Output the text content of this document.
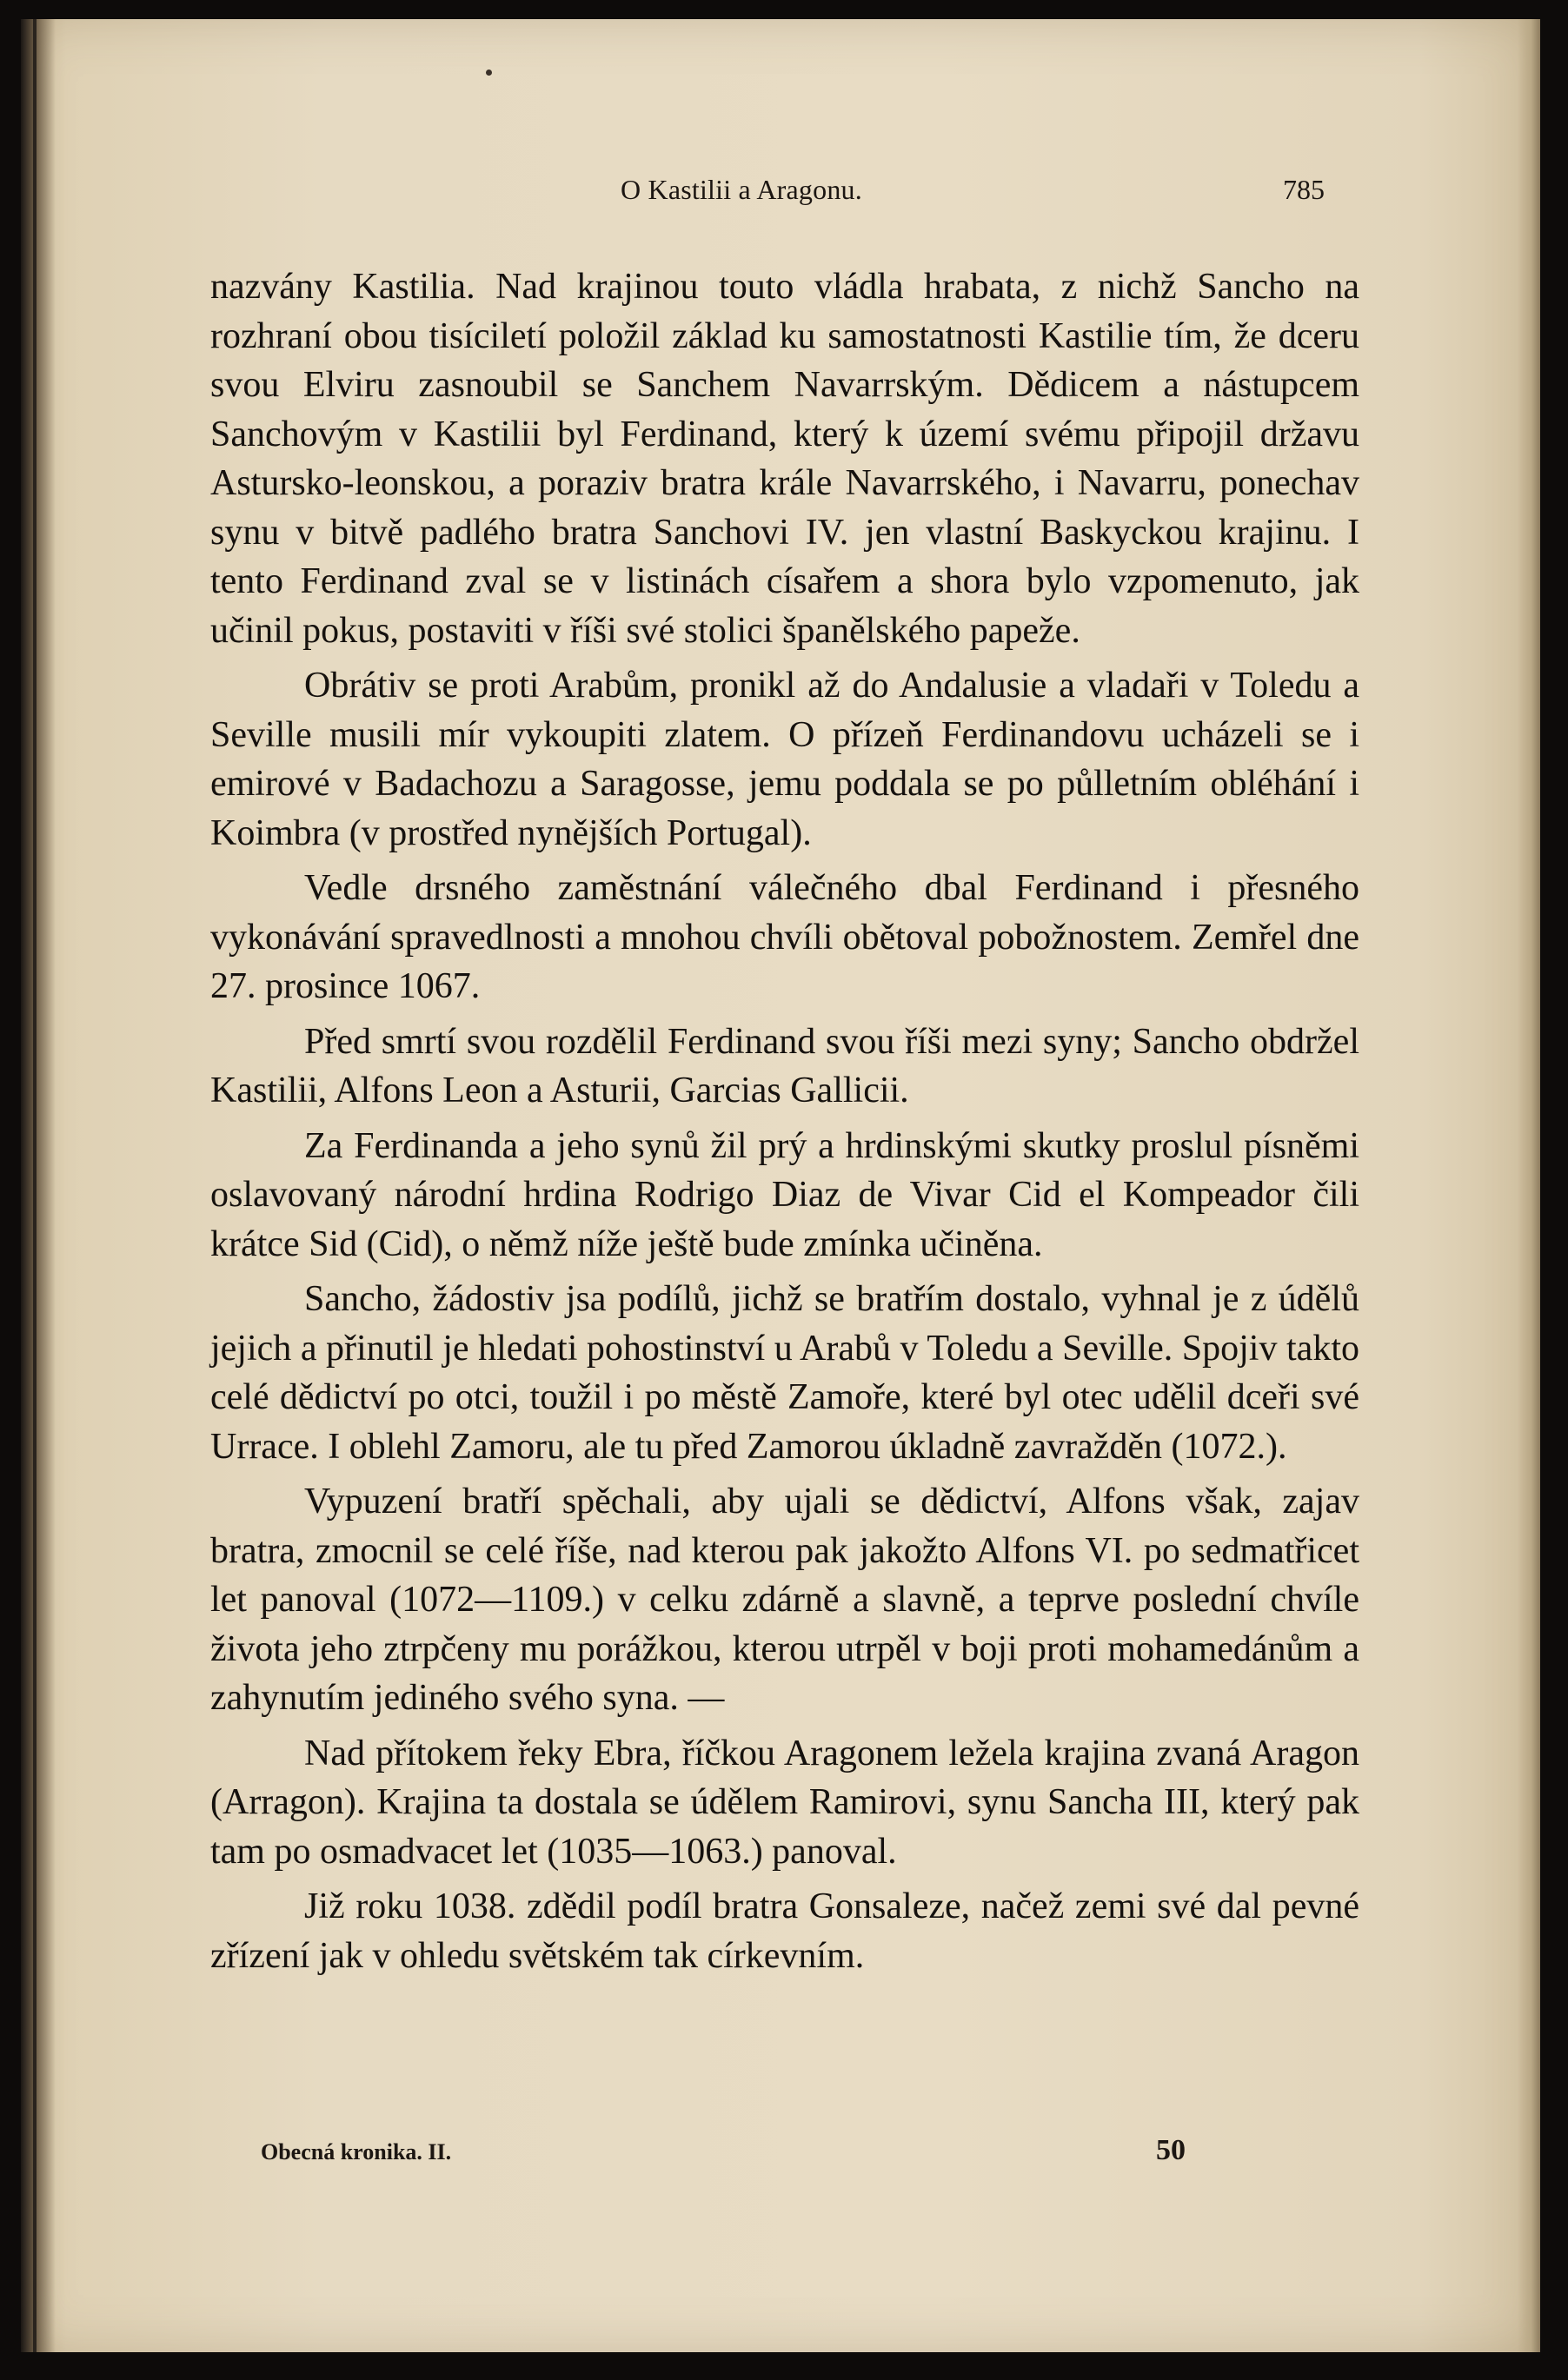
O Kastilii a Aragonu.	785

nazvány Kastilia. Nad krajinou touto vládla hrabata, z nichž Sancho na rozhraní obou tisíciletí položil základ ku samostatnosti Kastilie tím, že dceru svou Elviru zasnoubil se Sanchem Navarrským. Dědicem a nástupcem Sanchovým v Kastilii byl Ferdinand, který k území svému připojil državu Astursko-leonskou, a poraziv bratra krále Navarrského, i Navarru, ponechav synu v bitvě padlého bratra Sanchovi IV. jen vlastní Baskyckou krajinu. I tento Ferdinand zval se v listinách císařem a shora bylo vzpomenuto, jak učinil pokus, postaviti v říši své stolici španělského papeže.

Obrátiv se proti Arabům, pronikl až do Andalusie a vladaři v Toledu a Seville musili mír vykoupiti zlatem. O přízeň Ferdinandovu ucházeli se i emirové v Badachozu a Saragosse, jemu poddala se po půlletním obléhání i Koimbra (v prostřed nynějších Portugal).

Vedle drsného zaměstnání válečného dbal Ferdinand i přesného vykonávání spravedlnosti a mnohou chvíli obětoval pobožnostem. Zemřel dne 27. prosince 1067.

Před smrtí svou rozdělil Ferdinand svou říši mezi syny; Sancho obdržel Kastilii, Alfons Leon a Asturii, Garcias Gallicii.

Za Ferdinanda a jeho synů žil prý a hrdinskými skutky proslul písněmi oslavovaný národní hrdina Rodrigo Diaz de Vivar Cid el Kompeador čili krátce Sid (Cid), o němž níže ještě bude zmínka učiněna.

Sancho, žádostiv jsa podílů, jichž se bratřím dostalo, vyhnal je z údělů jejich a přinutil je hledati pohostinství u Arabů v Toledu a Seville. Spojiv takto celé dědictví po otci, toužil i po městě Zamoře, které byl otec udělil dceři své Urrace. I oblehl Zamoru, ale tu před Zamorou úkladně zavražděn (1072.).

Vypuzení bratří spěchali, aby ujali se dědictví, Alfons však, zajav bratra, zmocnil se celé říše, nad kterou pak jakožto Alfons VI. po sedmatřicet let panoval (1072—1109.) v celku zdárně a slavně, a teprve poslední chvíle života jeho ztrpčeny mu porážkou, kterou utrpěl v boji proti mohamedánům a zahynutím jediného svého syna. —

Nad přítokem řeky Ebra, říčkou Aragonem ležela krajina zvaná Aragon (Arragon). Krajina ta dostala se údělem Ramirovi, synu Sancha III, který pak tam po osmadvacet let (1035—1063.) panoval.

Již roku 1038. zdědil podíl bratra Gonsaleze, načež zemi své dal pevné zřízení jak v ohledu světském tak církevním.

Obecná kronika. II.	50
